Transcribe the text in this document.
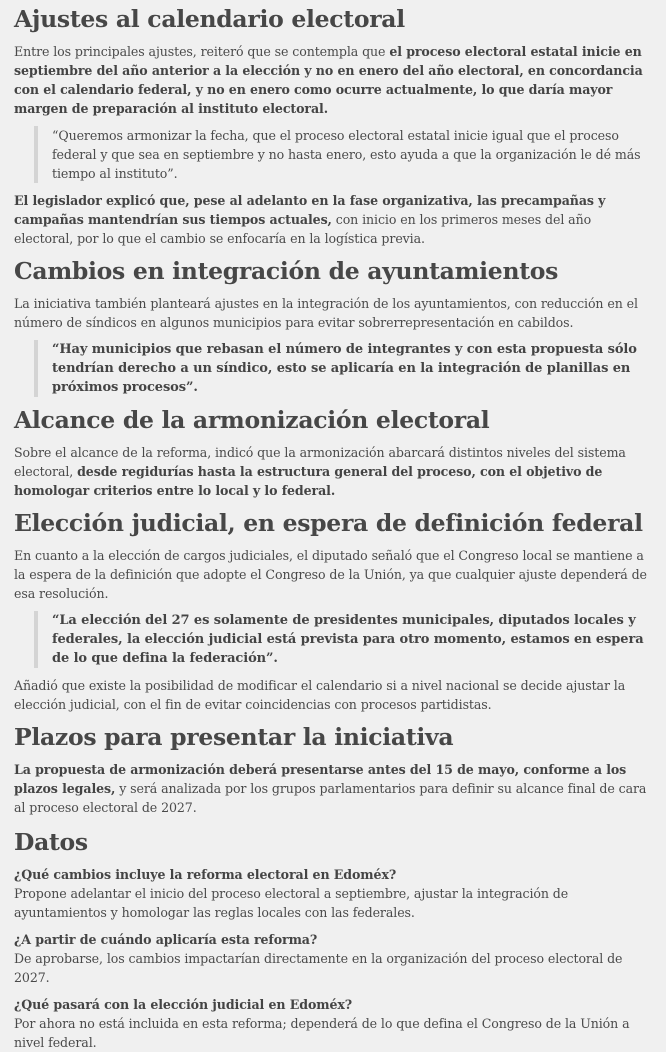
Ajustes al calendario electoral

Entre los principales ajustes, reiteró que se contempla que el proceso electoral estatal inicie en septiembre del año anterior a la elección y no en enero del año electoral, en concordancia con el calendario federal, y no en enero como ocurre actualmente, lo que daría mayor margen de preparación al instituto electoral.

“Queremos armonizar la fecha, que el proceso electoral estatal inicie igual que el proceso federal y que sea en septiembre y no hasta enero, esto ayuda a que la organización le dé más tiempo al instituto”.

El legislador explicó que, pese al adelanto en la fase organizativa, las precampañas y campañas mantendrían sus tiempos actuales, con inicio en los primeros meses del año electoral, por lo que el cambio se enfocaría en la logística previa.

Cambios en integración de ayuntamientos

La iniciativa también planteará ajustes en la integración de los ayuntamientos, con reducción en el número de síndicos en algunos municipios para evitar sobrerrepresentación en cabildos.

“Hay municipios que rebasan el número de integrantes y con esta propuesta sólo tendrían derecho a un síndico, esto se aplicaría en la integración de planillas en próximos procesos”.
Alcance de la armonización electoral

Sobre el alcance de la reforma, indicó que la armonización abarcará distintos niveles del sistema electoral, desde regidurías hasta la estructura general del proceso, con el objetivo de homologar criterios entre lo local y lo federal.

Elección judicial, en espera de definición federal

En cuanto a la elección de cargos judiciales, el diputado señaló que el Congreso local se mantiene a la espera de la definición que adopte el Congreso de la Unión, ya que cualquier ajuste dependerá de esa resolución.

“La elección del 27 es solamente de presidentes municipales, diputados locales y federales, la elección judicial está prevista para otro momento, estamos en espera de lo que defina la federación”.

Añadió que existe la posibilidad de modificar el calendario si a nivel nacional se decide ajustar la elección judicial, con el fin de evitar coincidencias con procesos partidistas.

Plazos para presentar la iniciativa

La propuesta de armonización deberá presentarse antes del 15 de mayo, conforme a los plazos legales, y será analizada por los grupos parlamentarios para definir su alcance final de cara al proceso electoral de 2027.

Datos
¿Qué cambios incluye la reforma electoral en Edoméx?
Propone adelantar el inicio del proceso electoral a septiembre, ajustar la integración de ayuntamientos y homologar las reglas locales con las federales.
¿A partir de cuándo aplicaría esta reforma?
De aprobarse, los cambios impactarían directamente en la organización del proceso electoral de 2027.
¿Qué pasará con la elección judicial en Edoméx?
Por ahora no está incluida en esta reforma; dependerá de lo que defina el Congreso de la Unión a nivel federal.
